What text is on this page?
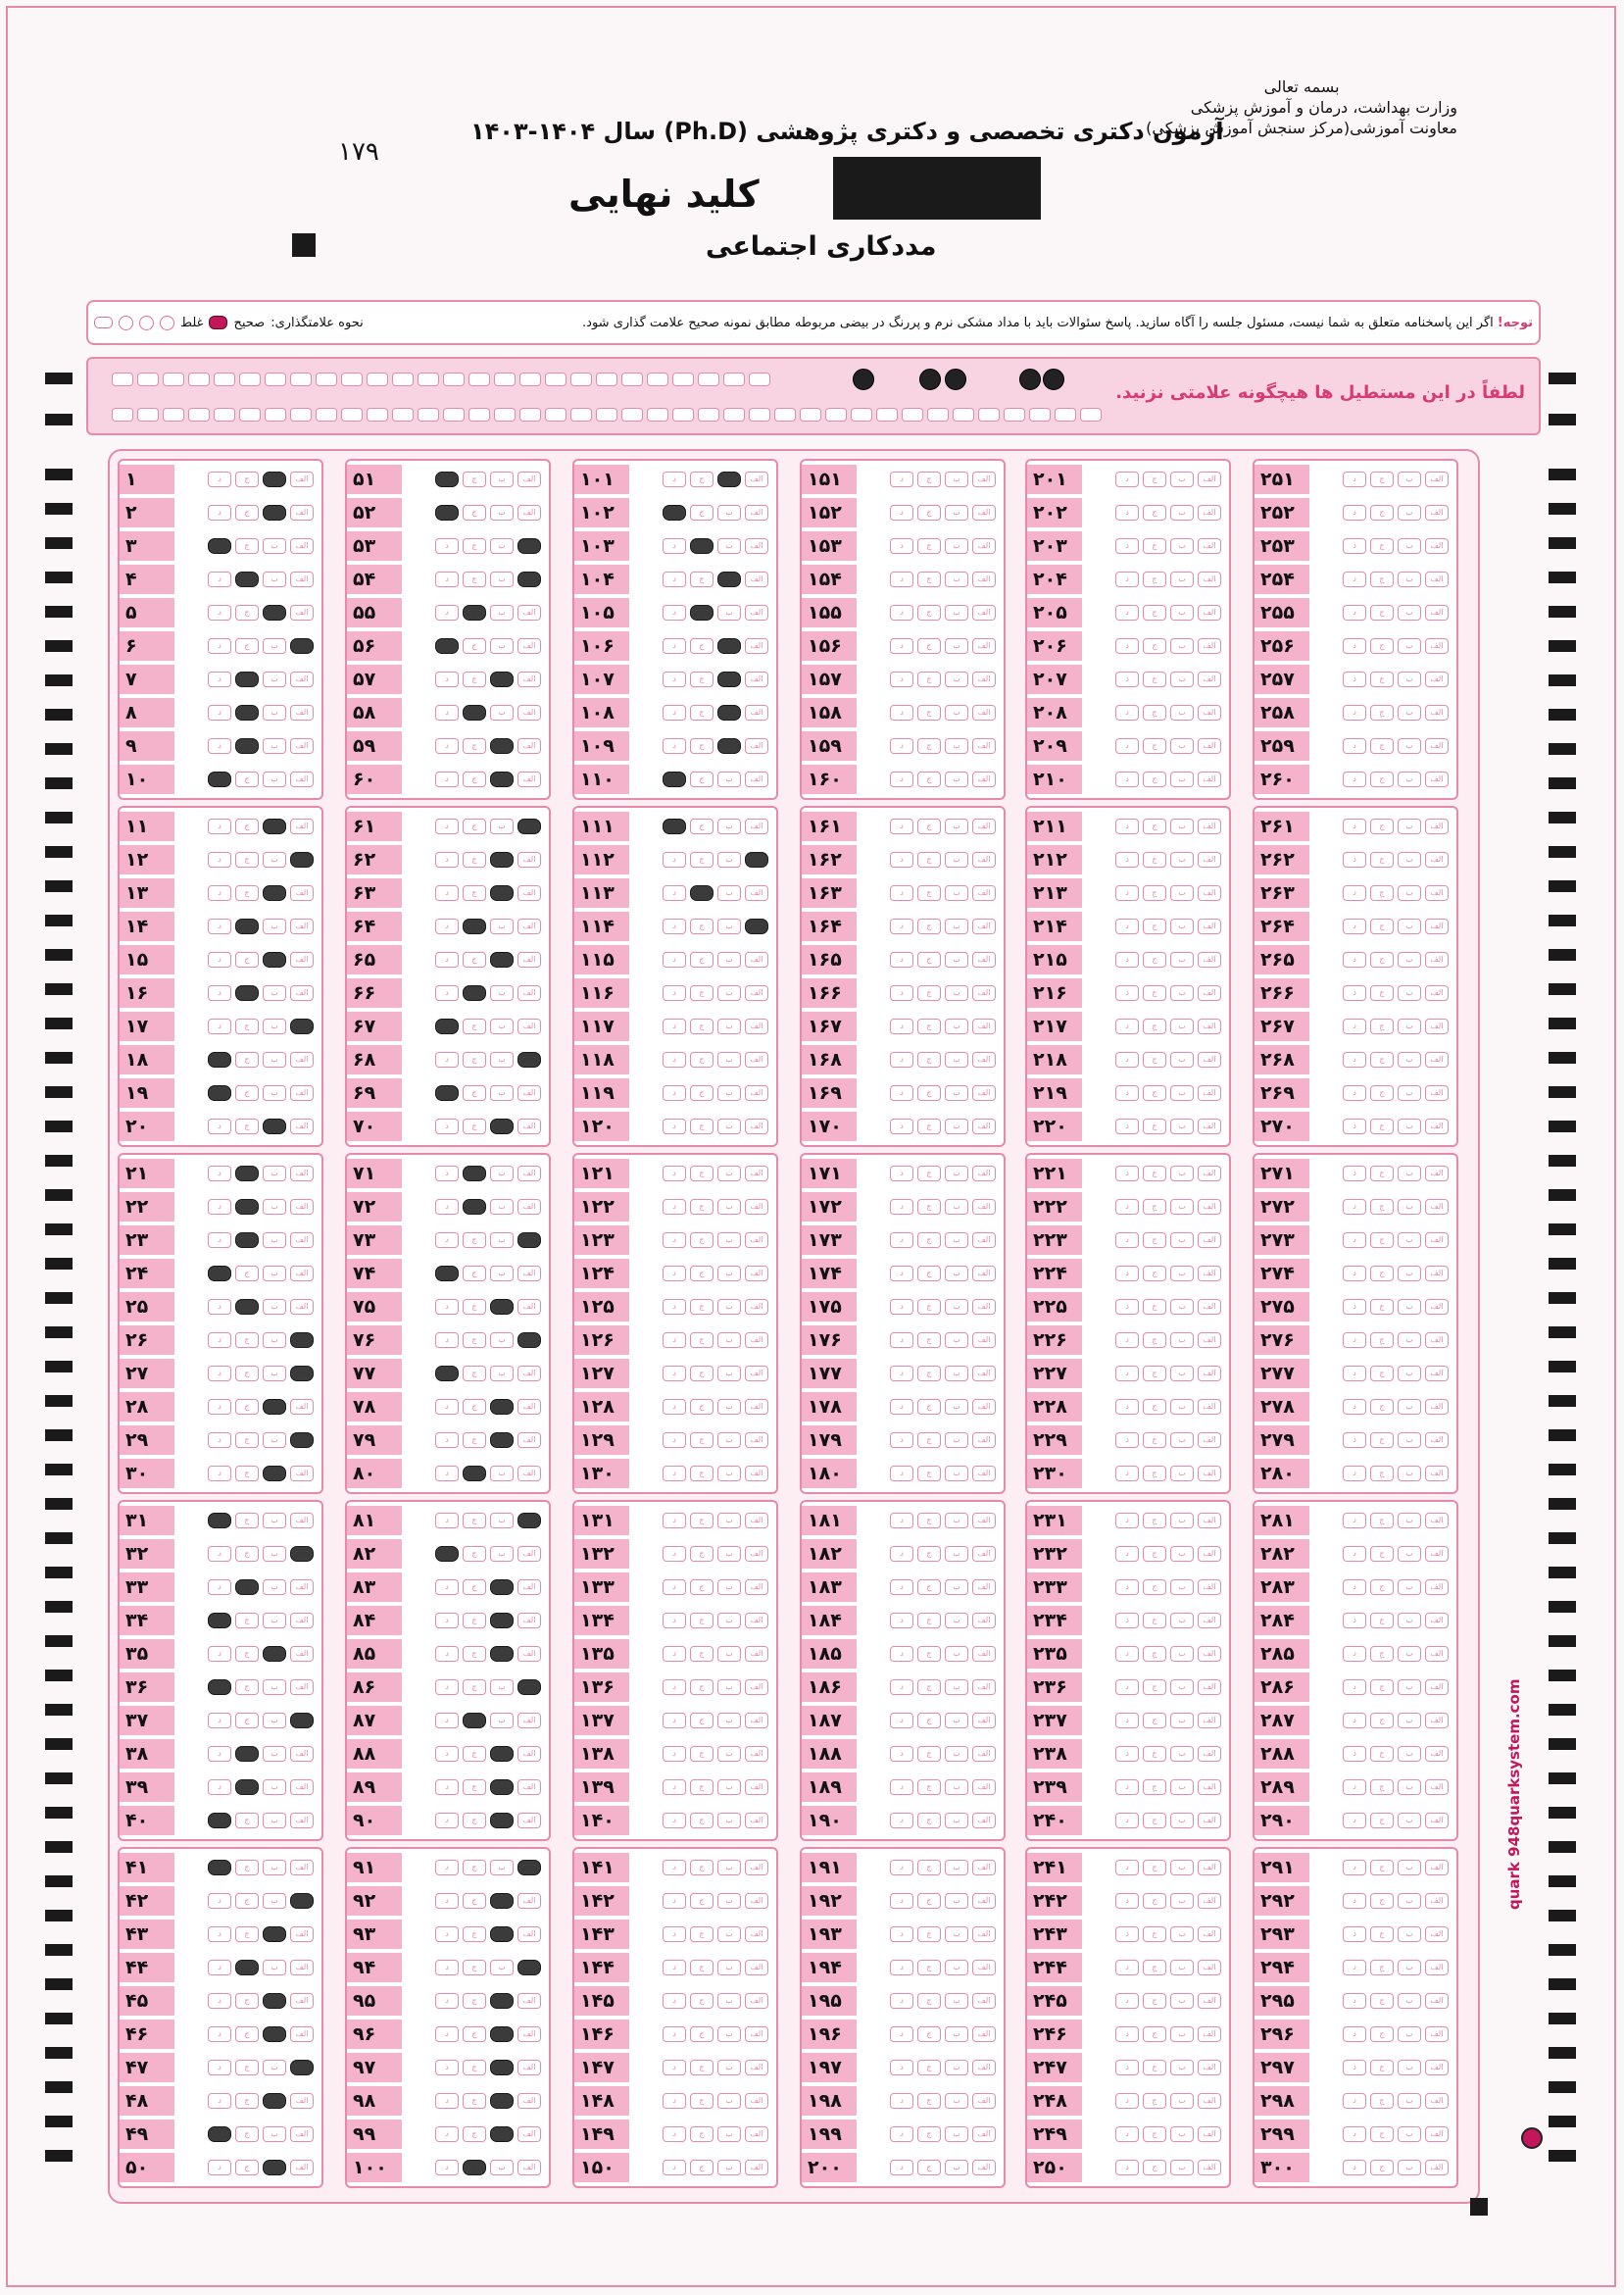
بسمه تعالی
وزارت بهداشت، درمان و آموزش پزشکی
معاونت آموزشی(مرکز سنجش آموزش پزشکی)
آزمون دکتری تخصصی و دکتری پژوهشی (Ph.D) سال ۱۴۰۴-۱۴۰۳
۱۷۹
کلید نهایی
مددکاری اجتماعی
توجه!
اگر این پاسخنامه متعلق به شما نیست، مسئول جلسه را آگاه سازید. پاسخ سئوالات باید با مداد مشکی نرم و پررنگ در بیضی مربوطه مطابق نمونه صحیح علامت گذاری شود.
نحوه علامتگذاری:
صحیح
غلط
لطفاً در این مستطیل ها هیچگونه علامتی نزنید.
۱	الف
ب
ج
د
۲	الف
ب
ج
د
۳	الف
ب
ج
د
۴	الف
ب
ج
د
۵	الف
ب
ج
د
۶	الف
ب
ج
د
۷	الف
ب
ج
د
۸	الف
ب
ج
د
۹	الف
ب
ج
د
۱۰	الف
ب
ج
د
۱۱	الف
ب
ج
د
۱۲	الف
ب
ج
د
۱۳	الف
ب
ج
د
۱۴	الف
ب
ج
د
۱۵	الف
ب
ج
د
۱۶	الف
ب
ج
د
۱۷	الف
ب
ج
د
۱۸	الف
ب
ج
د
۱۹	الف
ب
ج
د
۲۰	الف
ب
ج
د
۲۱	الف
ب
ج
د
۲۲	الف
ب
ج
د
۲۳	الف
ب
ج
د
۲۴	الف
ب
ج
د
۲۵	الف
ب
ج
د
۲۶	الف
ب
ج
د
۲۷	الف
ب
ج
د
۲۸	الف
ب
ج
د
۲۹	الف
ب
ج
د
۳۰	الف
ب
ج
د
۳۱	الف
ب
ج
د
۳۲	الف
ب
ج
د
۳۳	الف
ب
ج
د
۳۴	الف
ب
ج
د
۳۵	الف
ب
ج
د
۳۶	الف
ب
ج
د
۳۷	الف
ب
ج
د
۳۸	الف
ب
ج
د
۳۹	الف
ب
ج
د
۴۰	الف
ب
ج
د
۴۱	الف
ب
ج
د
۴۲	الف
ب
ج
د
۴۳	الف
ب
ج
د
۴۴	الف
ب
ج
د
۴۵	الف
ب
ج
د
۴۶	الف
ب
ج
د
۴۷	الف
ب
ج
د
۴۸	الف
ب
ج
د
۴۹	الف
ب
ج
د
۵۰	الف
ب
ج
د
۵۱	الف
ب
ج
د
۵۲	الف
ب
ج
د
۵۳	الف
ب
ج
د
۵۴	الف
ب
ج
د
۵۵	الف
ب
ج
د
۵۶	الف
ب
ج
د
۵۷	الف
ب
ج
د
۵۸	الف
ب
ج
د
۵۹	الف
ب
ج
د
۶۰	الف
ب
ج
د
۶۱	الف
ب
ج
د
۶۲	الف
ب
ج
د
۶۳	الف
ب
ج
د
۶۴	الف
ب
ج
د
۶۵	الف
ب
ج
د
۶۶	الف
ب
ج
د
۶۷	الف
ب
ج
د
۶۸	الف
ب
ج
د
۶۹	الف
ب
ج
د
۷۰	الف
ب
ج
د
۷۱	الف
ب
ج
د
۷۲	الف
ب
ج
د
۷۳	الف
ب
ج
د
۷۴	الف
ب
ج
د
۷۵	الف
ب
ج
د
۷۶	الف
ب
ج
د
۷۷	الف
ب
ج
د
۷۸	الف
ب
ج
د
۷۹	الف
ب
ج
د
۸۰	الف
ب
ج
د
۸۱	الف
ب
ج
د
۸۲	الف
ب
ج
د
۸۳	الف
ب
ج
د
۸۴	الف
ب
ج
د
۸۵	الف
ب
ج
د
۸۶	الف
ب
ج
د
۸۷	الف
ب
ج
د
۸۸	الف
ب
ج
د
۸۹	الف
ب
ج
د
۹۰	الف
ب
ج
د
۹۱	الف
ب
ج
د
۹۲	الف
ب
ج
د
۹۳	الف
ب
ج
د
۹۴	الف
ب
ج
د
۹۵	الف
ب
ج
د
۹۶	الف
ب
ج
د
۹۷	الف
ب
ج
د
۹۸	الف
ب
ج
د
۹۹	الف
ب
ج
د
۱۰۰	الف
ب
ج
د
۱۰۱	الف
ب
ج
د
۱۰۲	الف
ب
ج
د
۱۰۳	الف
ب
ج
د
۱۰۴	الف
ب
ج
د
۱۰۵	الف
ب
ج
د
۱۰۶	الف
ب
ج
د
۱۰۷	الف
ب
ج
د
۱۰۸	الف
ب
ج
د
۱۰۹	الف
ب
ج
د
۱۱۰	الف
ب
ج
د
۱۱۱	الف
ب
ج
د
۱۱۲	الف
ب
ج
د
۱۱۳	الف
ب
ج
د
۱۱۴	الف
ب
ج
د
۱۱۵	الف
ب
ج
د
۱۱۶	الف
ب
ج
د
۱۱۷	الف
ب
ج
د
۱۱۸	الف
ب
ج
د
۱۱۹	الف
ب
ج
د
۱۲۰	الف
ب
ج
د
۱۲۱	الف
ب
ج
د
۱۲۲	الف
ب
ج
د
۱۲۳	الف
ب
ج
د
۱۲۴	الف
ب
ج
د
۱۲۵	الف
ب
ج
د
۱۲۶	الف
ب
ج
د
۱۲۷	الف
ب
ج
د
۱۲۸	الف
ب
ج
د
۱۲۹	الف
ب
ج
د
۱۳۰	الف
ب
ج
د
۱۳۱	الف
ب
ج
د
۱۳۲	الف
ب
ج
د
۱۳۳	الف
ب
ج
د
۱۳۴	الف
ب
ج
د
۱۳۵	الف
ب
ج
د
۱۳۶	الف
ب
ج
د
۱۳۷	الف
ب
ج
د
۱۳۸	الف
ب
ج
د
۱۳۹	الف
ب
ج
د
۱۴۰	الف
ب
ج
د
۱۴۱	الف
ب
ج
د
۱۴۲	الف
ب
ج
د
۱۴۳	الف
ب
ج
د
۱۴۴	الف
ب
ج
د
۱۴۵	الف
ب
ج
د
۱۴۶	الف
ب
ج
د
۱۴۷	الف
ب
ج
د
۱۴۸	الف
ب
ج
د
۱۴۹	الف
ب
ج
د
۱۵۰	الف
ب
ج
د
۱۵۱	الف
ب
ج
د
۱۵۲	الف
ب
ج
د
۱۵۳	الف
ب
ج
د
۱۵۴	الف
ب
ج
د
۱۵۵	الف
ب
ج
د
۱۵۶	الف
ب
ج
د
۱۵۷	الف
ب
ج
د
۱۵۸	الف
ب
ج
د
۱۵۹	الف
ب
ج
د
۱۶۰	الف
ب
ج
د
۱۶۱	الف
ب
ج
د
۱۶۲	الف
ب
ج
د
۱۶۳	الف
ب
ج
د
۱۶۴	الف
ب
ج
د
۱۶۵	الف
ب
ج
د
۱۶۶	الف
ب
ج
د
۱۶۷	الف
ب
ج
د
۱۶۸	الف
ب
ج
د
۱۶۹	الف
ب
ج
د
۱۷۰	الف
ب
ج
د
۱۷۱	الف
ب
ج
د
۱۷۲	الف
ب
ج
د
۱۷۳	الف
ب
ج
د
۱۷۴	الف
ب
ج
د
۱۷۵	الف
ب
ج
د
۱۷۶	الف
ب
ج
د
۱۷۷	الف
ب
ج
د
۱۷۸	الف
ب
ج
د
۱۷۹	الف
ب
ج
د
۱۸۰	الف
ب
ج
د
۱۸۱	الف
ب
ج
د
۱۸۲	الف
ب
ج
د
۱۸۳	الف
ب
ج
د
۱۸۴	الف
ب
ج
د
۱۸۵	الف
ب
ج
د
۱۸۶	الف
ب
ج
د
۱۸۷	الف
ب
ج
د
۱۸۸	الف
ب
ج
د
۱۸۹	الف
ب
ج
د
۱۹۰	الف
ب
ج
د
۱۹۱	الف
ب
ج
د
۱۹۲	الف
ب
ج
د
۱۹۳	الف
ب
ج
د
۱۹۴	الف
ب
ج
د
۱۹۵	الف
ب
ج
د
۱۹۶	الف
ب
ج
د
۱۹۷	الف
ب
ج
د
۱۹۸	الف
ب
ج
د
۱۹۹	الف
ب
ج
د
۲۰۰	الف
ب
ج
د
۲۰۱	الف
ب
ج
د
۲۰۲	الف
ب
ج
د
۲۰۳	الف
ب
ج
د
۲۰۴	الف
ب
ج
د
۲۰۵	الف
ب
ج
د
۲۰۶	الف
ب
ج
د
۲۰۷	الف
ب
ج
د
۲۰۸	الف
ب
ج
د
۲۰۹	الف
ب
ج
د
۲۱۰	الف
ب
ج
د
۲۱۱	الف
ب
ج
د
۲۱۲	الف
ب
ج
د
۲۱۳	الف
ب
ج
د
۲۱۴	الف
ب
ج
د
۲۱۵	الف
ب
ج
د
۲۱۶	الف
ب
ج
د
۲۱۷	الف
ب
ج
د
۲۱۸	الف
ب
ج
د
۲۱۹	الف
ب
ج
د
۲۲۰	الف
ب
ج
د
۲۲۱	الف
ب
ج
د
۲۲۲	الف
ب
ج
د
۲۲۳	الف
ب
ج
د
۲۲۴	الف
ب
ج
د
۲۲۵	الف
ب
ج
د
۲۲۶	الف
ب
ج
د
۲۲۷	الف
ب
ج
د
۲۲۸	الف
ب
ج
د
۲۲۹	الف
ب
ج
د
۲۳۰	الف
ب
ج
د
۲۳۱	الف
ب
ج
د
۲۳۲	الف
ب
ج
د
۲۳۳	الف
ب
ج
د
۲۳۴	الف
ب
ج
د
۲۳۵	الف
ب
ج
د
۲۳۶	الف
ب
ج
د
۲۳۷	الف
ب
ج
د
۲۳۸	الف
ب
ج
د
۲۳۹	الف
ب
ج
د
۲۴۰	الف
ب
ج
د
۲۴۱	الف
ب
ج
د
۲۴۲	الف
ب
ج
د
۲۴۳	الف
ب
ج
د
۲۴۴	الف
ب
ج
د
۲۴۵	الف
ب
ج
د
۲۴۶	الف
ب
ج
د
۲۴۷	الف
ب
ج
د
۲۴۸	الف
ب
ج
د
۲۴۹	الف
ب
ج
د
۲۵۰	الف
ب
ج
د
۲۵۱	الف
ب
ج
د
۲۵۲	الف
ب
ج
د
۲۵۳	الف
ب
ج
د
۲۵۴	الف
ب
ج
د
۲۵۵	الف
ب
ج
د
۲۵۶	الف
ب
ج
د
۲۵۷	الف
ب
ج
د
۲۵۸	الف
ب
ج
د
۲۵۹	الف
ب
ج
د
۲۶۰	الف
ب
ج
د
۲۶۱	الف
ب
ج
د
۲۶۲	الف
ب
ج
د
۲۶۳	الف
ب
ج
د
۲۶۴	الف
ب
ج
د
۲۶۵	الف
ب
ج
د
۲۶۶	الف
ب
ج
د
۲۶۷	الف
ب
ج
د
۲۶۸	الف
ب
ج
د
۲۶۹	الف
ب
ج
د
۲۷۰	الف
ب
ج
د
۲۷۱	الف
ب
ج
د
۲۷۲	الف
ب
ج
د
۲۷۳	الف
ب
ج
د
۲۷۴	الف
ب
ج
د
۲۷۵	الف
ب
ج
د
۲۷۶	الف
ب
ج
د
۲۷۷	الف
ب
ج
د
۲۷۸	الف
ب
ج
د
۲۷۹	الف
ب
ج
د
۲۸۰	الف
ب
ج
د
۲۸۱	الف
ب
ج
د
۲۸۲	الف
ب
ج
د
۲۸۳	الف
ب
ج
د
۲۸۴	الف
ب
ج
د
۲۸۵	الف
ب
ج
د
۲۸۶	الف
ب
ج
د
۲۸۷	الف
ب
ج
د
۲۸۸	الف
ب
ج
د
۲۸۹	الف
ب
ج
د
۲۹۰	الف
ب
ج
د
۲۹۱	الف
ب
ج
د
۲۹۲	الف
ب
ج
د
۲۹۳	الف
ب
ج
د
۲۹۴	الف
ب
ج
د
۲۹۵	الف
ب
ج
د
۲۹۶	الف
ب
ج
د
۲۹۷	الف
ب
ج
د
۲۹۸	الف
ب
ج
د
۲۹۹	الف
ب
ج
د
۳۰۰	الف
ب
ج
د
quark 948quarksystem.com
